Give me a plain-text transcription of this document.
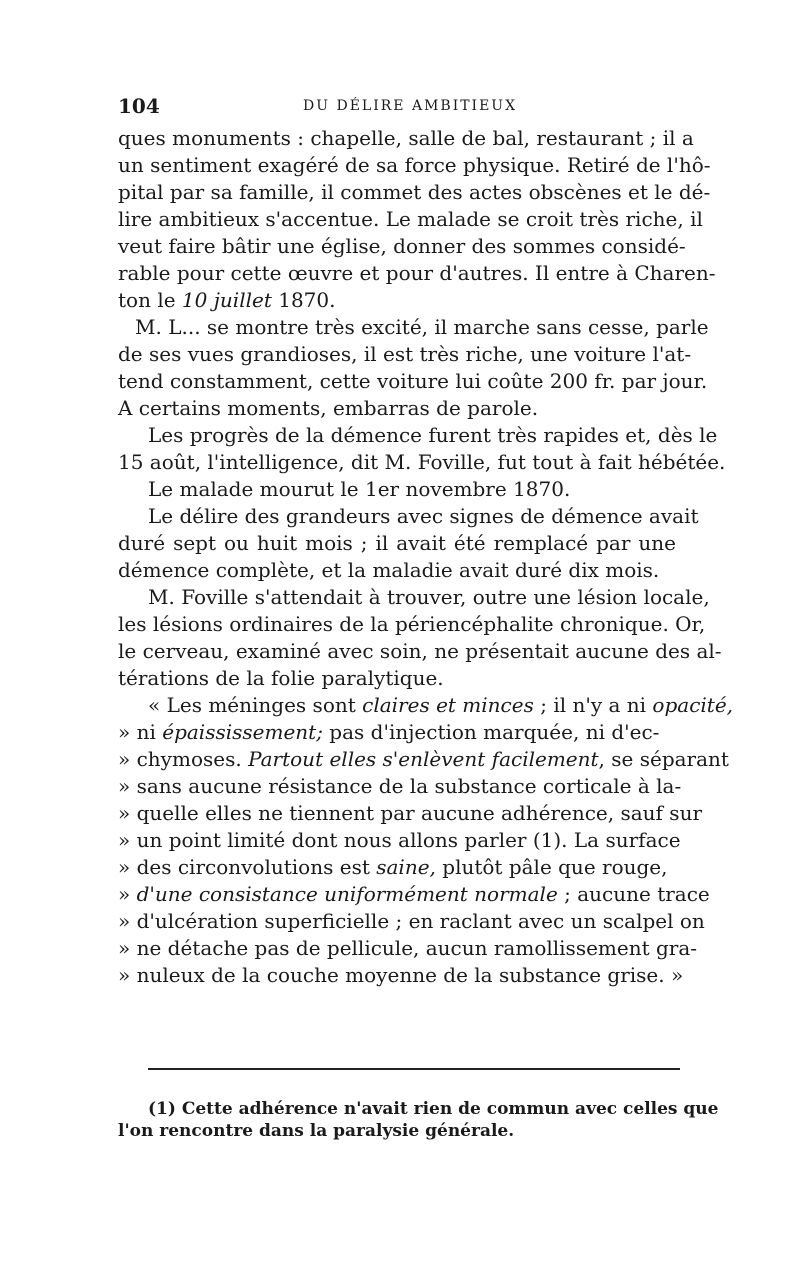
104	DU DÉLIRE AMBITIEUX
ques monuments : chapelle, salle de bal, restaurant ; il a
un sentiment exagéré de sa force physique. Retiré de l'hô-
pital par sa famille, il commet des actes obscènes et le dé-
lire ambitieux s'accentue. Le malade se croit très riche, il
veut faire bâtir une église, donner des sommes considé-
rable pour cette œuvre et pour d'autres. Il entre à Charen-
ton le 10 juillet 1870.
M. L... se montre très excité, il marche sans cesse, parle
de ses vues grandioses, il est très riche, une voiture l'at-
tend constamment, cette voiture lui coûte 200 fr. par jour.
A certains moments, embarras de parole.
Les progrès de la démence furent très rapides et, dès le
15 août, l'intelligence, dit M. Foville, fut tout à fait hébétée.
Le malade mourut le 1er novembre 1870.
Le délire des grandeurs avec signes de démence avait
duré sept ou huit mois ; il avait été remplacé par une
démence complète, et la maladie avait duré dix mois.
M. Foville s'attendait à trouver, outre une lésion locale,
les lésions ordinaires de la périencéphalite chronique. Or,
le cerveau, examiné avec soin, ne présentait aucune des al-
térations de la folie paralytique.
« Les méninges sont claires et minces ; il n'y a ni opacité,
» ni épaississement; pas d'injection marquée, ni d'ec-
» chymoses. Partout elles s'enlèvent facilement, se séparant
» sans aucune résistance de la substance corticale à la-
» quelle elles ne tiennent par aucune adhérence, sauf sur
» un point limité dont nous allons parler (1). La surface
» des circonvolutions est saine, plutôt pâle que rouge,
» d'une consistance uniformément normale ; aucune trace
» d'ulcération superficielle ; en raclant avec un scalpel on
» ne détache pas de pellicule, aucun ramollissement gra-
» nuleux de la couche moyenne de la substance grise. »
(1) Cette adhérence n'avait rien de commun avec celles que
l'on rencontre dans la paralysie générale.
